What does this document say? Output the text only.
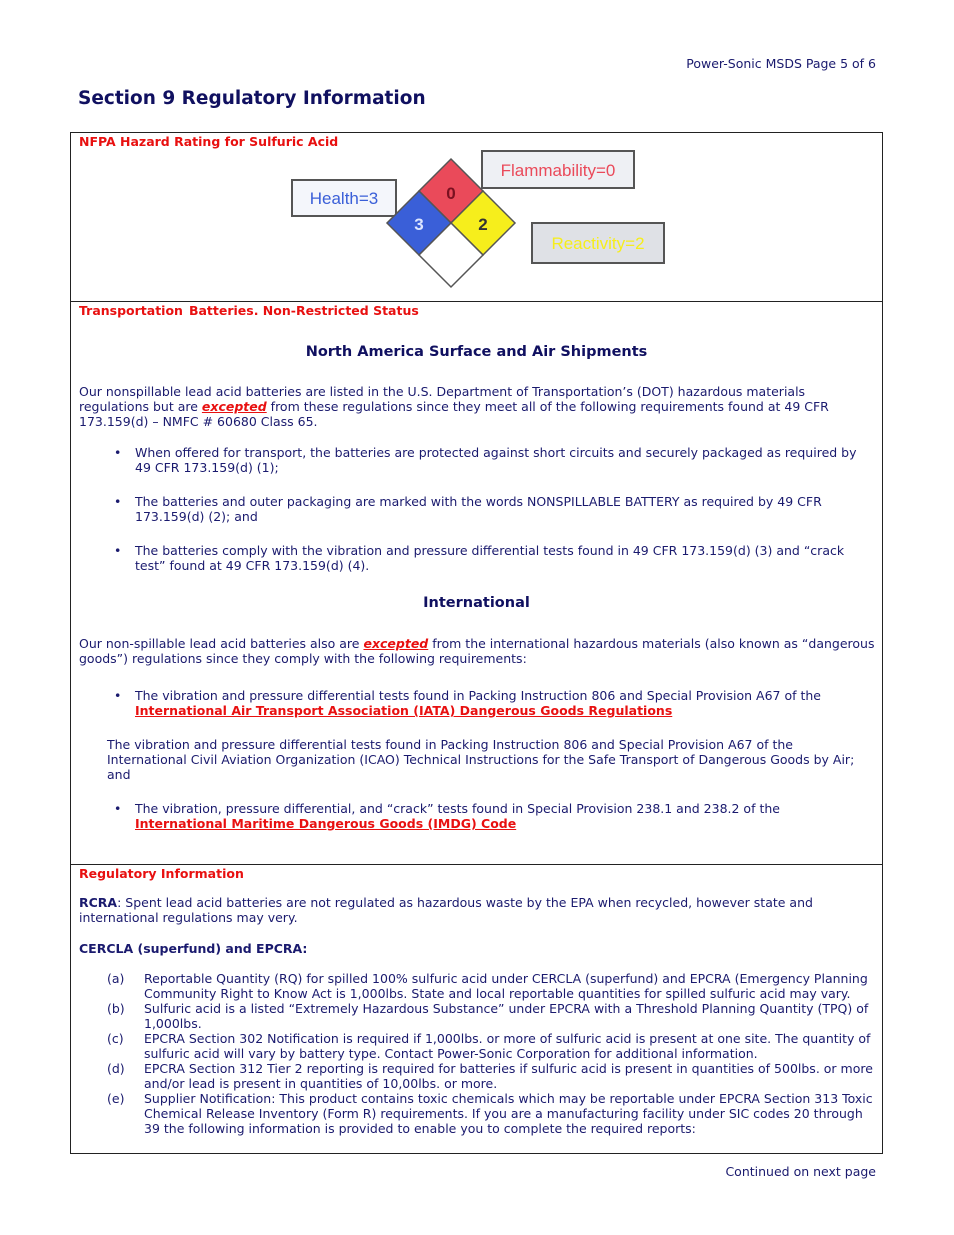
Power-Sonic MSDS Page 5 of 6
Section 9 Regulatory Information
NFPA Hazard Rating for Sulfuric Acid
Health=3
Flammability=0
Reactivity=2
0
3	2
Transportation Batteries. Non-Restricted Status
North America Surface and Air Shipments

Our nonspillable lead acid batteries are listed in the U.S. Department of Transportation’s (DOT) hazardous materials regulations but are excepted from these regulations since they meet all of the following requirements found at 49 CFR 173.159(d) – NMFC # 60680 Class 65.

• When offered for transport, the batteries are protected against short circuits and securely packaged as required by 49 CFR 173.159(d) (1);

• The batteries and outer packaging are marked with the words NONSPILLABLE BATTERY as required by 49 CFR 173.159(d) (2); and

• The batteries comply with the vibration and pressure differential tests found in 49 CFR 173.159(d) (3) and “crack test” found at 49 CFR 173.159(d) (4).

International

Our non-spillable lead acid batteries also are excepted from the international hazardous materials (also known as “dangerous goods”) regulations since they comply with the following requirements:

• The vibration and pressure differential tests found in Packing Instruction 806 and Special Provision A67 of the
International Air Transport Association (IATA) Dangerous Goods Regulations

The vibration and pressure differential tests found in Packing Instruction 806 and Special Provision A67 of the International Civil Aviation Organization (ICAO) Technical Instructions for the Safe Transport of Dangerous Goods by Air; and

• The vibration, pressure differential, and “crack” tests found in Special Provision 238.1 and 238.2 of the
International Maritime Dangerous Goods (IMDG) Code

Regulatory Information

RCRA: Spent lead acid batteries are not regulated as hazardous waste by the EPA when recycled, however state and international regulations may very.

CERCLA (superfund) and EPCRA:

(a) Reportable Quantity (RQ) for spilled 100% sulfuric acid under CERCLA (superfund) and EPCRA (Emergency Planning Community Right to Know Act is 1,000lbs. State and local reportable quantities for spilled sulfuric acid may vary.
(b) Sulfuric acid is a listed “Extremely Hazardous Substance” under EPCRA with a Threshold Planning Quantity (TPQ) of 1,000lbs.
(c) EPCRA Section 302 Notification is required if 1,000lbs. or more of sulfuric acid is present at one site. The quantity of sulfuric acid will vary by battery type. Contact Power-Sonic Corporation for additional information.
(d) EPCRA Section 312 Tier 2 reporting is required for batteries if sulfuric acid is present in quantities of 500lbs. or more and/or lead is present in quantities of 10,00lbs. or more.
(e) Supplier Notification: This product contains toxic chemicals which may be reportable under EPCRA Section 313 Toxic Chemical Release Inventory (Form R) requirements. If you are a manufacturing facility under SIC codes 20 through 39 the following information is provided to enable you to complete the required reports:
Continued on next page
